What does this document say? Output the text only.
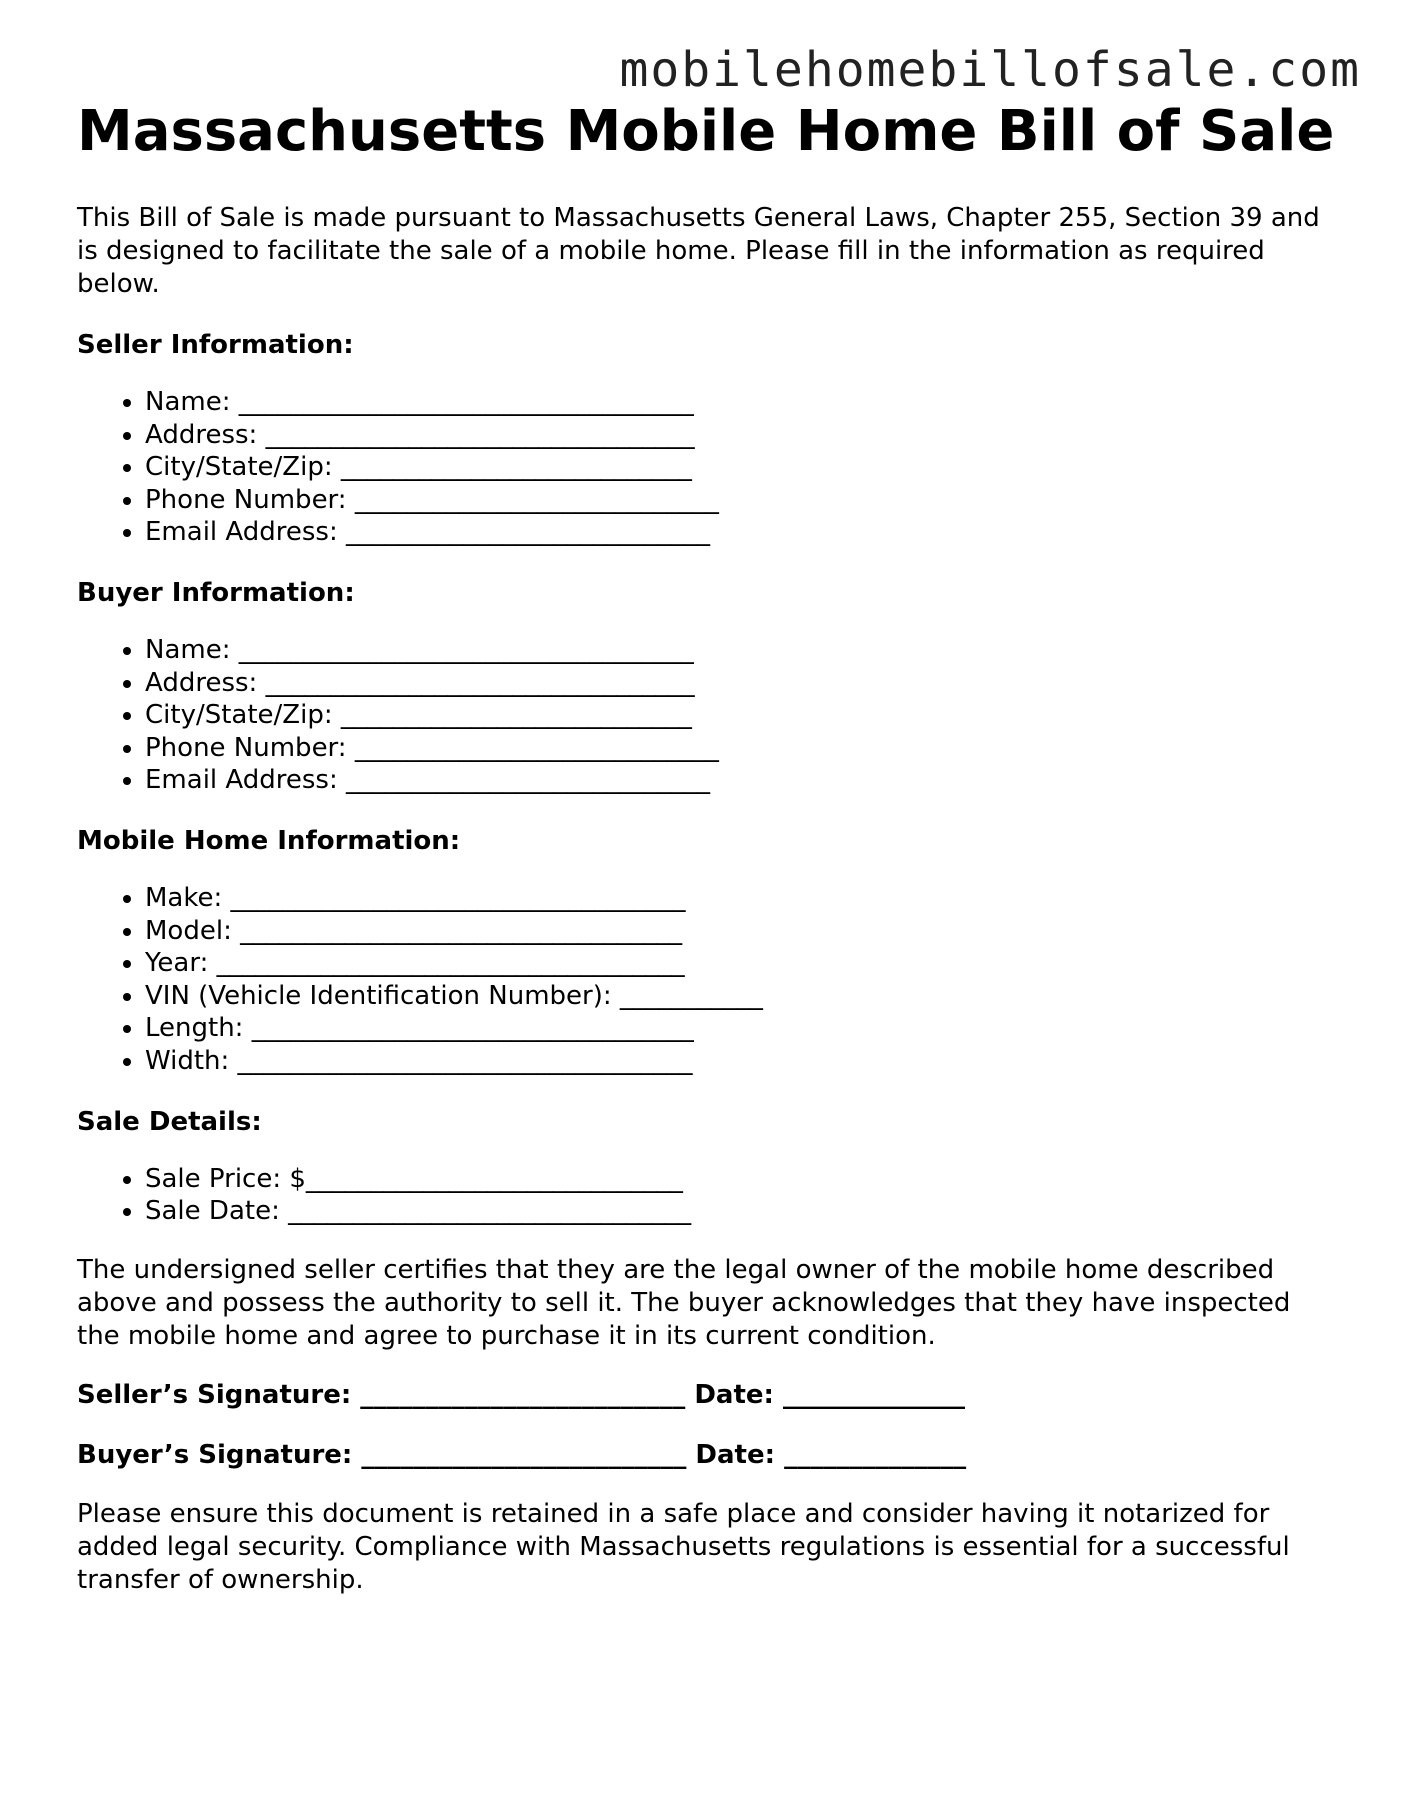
mobilehomebillofsale.com
Massachusetts Mobile Home Bill of Sale

This Bill of Sale is made pursuant to Massachusetts General Laws, Chapter 255, Section 39 and is designed to facilitate the sale of a mobile home. Please fill in the information as required below.

Seller Information:
• Name: ___________________________________
• Address: _________________________________
• City/State/Zip: ___________________________
• Phone Number: ____________________________
• Email Address: ____________________________
Buyer Information:
• Name: ___________________________________
• Address: _________________________________
• City/State/Zip: ___________________________
• Phone Number: ____________________________
• Email Address: ____________________________
Mobile Home Information:
• Make: ___________________________________
• Model: __________________________________
• Year: ____________________________________
• VIN (Vehicle Identification Number): ___________
• Length: __________________________________
• Width: ___________________________________
Sale Details:
• Sale Price: $_____________________________
• Sale Date: _______________________________

The undersigned seller certifies that they are the legal owner of the mobile home described above and possess the authority to sell it. The buyer acknowledges that they have inspected the mobile home and agree to purchase it in its current condition.

Seller’s Signature: _________________________ Date: ______________
Buyer’s Signature: _________________________ Date: ______________

Please ensure this document is retained in a safe place and consider having it notarized for added legal security. Compliance with Massachusetts regulations is essential for a successful transfer of ownership.
